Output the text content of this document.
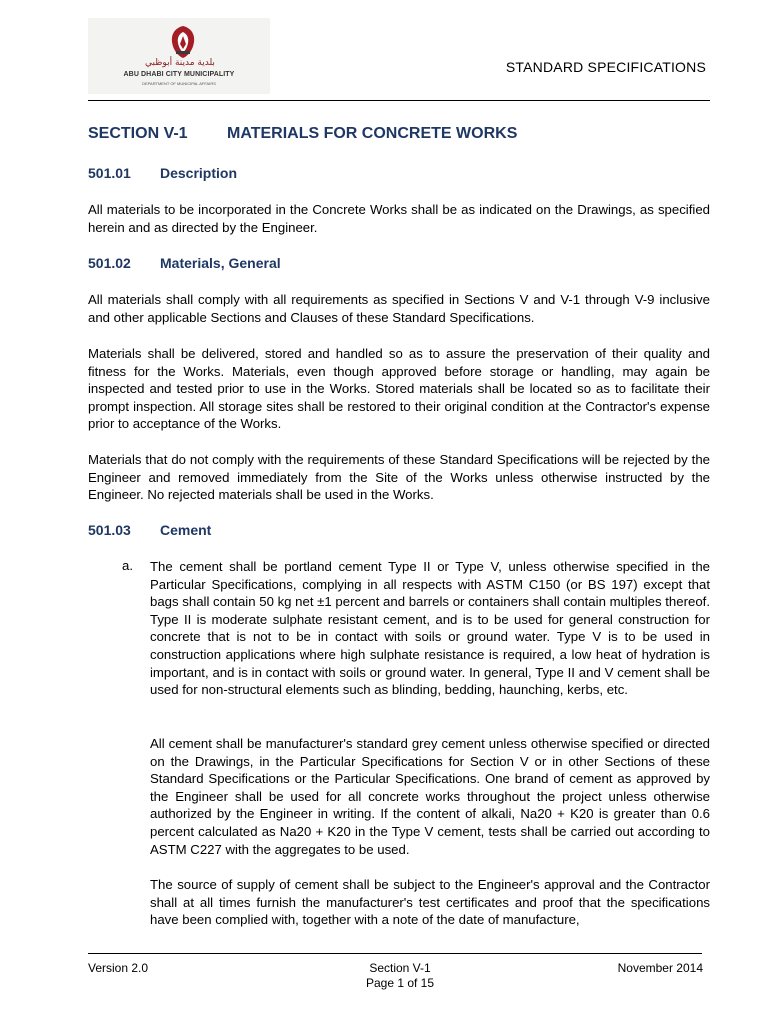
بلدية مدينة أبوظبي
ABU DHABI CITY MUNICIPALITY
DEPARTMENT OF MUNICIPAL AFFAIRS
STANDARD SPECIFICATIONS
SECTION V-1 MATERIALS FOR CONCRETE WORKS
501.01 Description

All materials to be incorporated in the Concrete Works shall be as indicated on the Drawings, as specified herein and as directed by the Engineer.

501.02 Materials, General

All materials shall comply with all requirements as specified in Sections V and V-1 through V-9 inclusive and other applicable Sections and Clauses of these Standard Specifications.

Materials shall be delivered, stored and handled so as to assure the preservation of their quality and fitness for the Works. Materials, even though approved before storage or handling, may again be inspected and tested prior to use in the Works. Stored materials shall be located so as to facilitate their prompt inspection. All storage sites shall be restored to their original condition at the Contractor's expense prior to acceptance of the Works.

Materials that do not comply with the requirements of these Standard Specifications will be rejected by the Engineer and removed immediately from the Site of the Works unless otherwise instructed by the Engineer. No rejected materials shall be used in the Works.

501.03 Cement
a. The cement shall be portland cement Type II or Type V, unless otherwise specified in the Particular Specifications, complying in all respects with ASTM C150 (or BS 197) except that bags shall contain 50 kg net ±1 percent and barrels or containers shall contain multiples thereof. Type II is moderate sulphate resistant cement, and is to be used for general construction for concrete that is not to be in contact with soils or ground water. Type V is to be used in construction applications where high sulphate resistance is required, a low heat of hydration is important, and is in contact with soils or ground water. In general, Type II and V cement shall be used for non-structural elements such as blinding, bedding, haunching, kerbs, etc.

All cement shall be manufacturer's standard grey cement unless otherwise specified or directed on the Drawings, in the Particular Specifications for Section V or in other Sections of these Standard Specifications or the Particular Specifications. One brand of cement as approved by the Engineer shall be used for all concrete works throughout the project unless otherwise authorized by the Engineer in writing. If the content of alkali, Na20 + K20 is greater than 0.6 percent calculated as Na20 + K20 in the Type V cement, tests shall be carried out according to ASTM C227 with the aggregates to be used.

The source of supply of cement shall be subject to the Engineer's approval and the Contractor shall at all times furnish the manufacturer's test certificates and proof that the specifications have been complied with, together with a note of the date of manufacture,

Version 2.0	Section V-1
Page 1 of 15
November 2014
